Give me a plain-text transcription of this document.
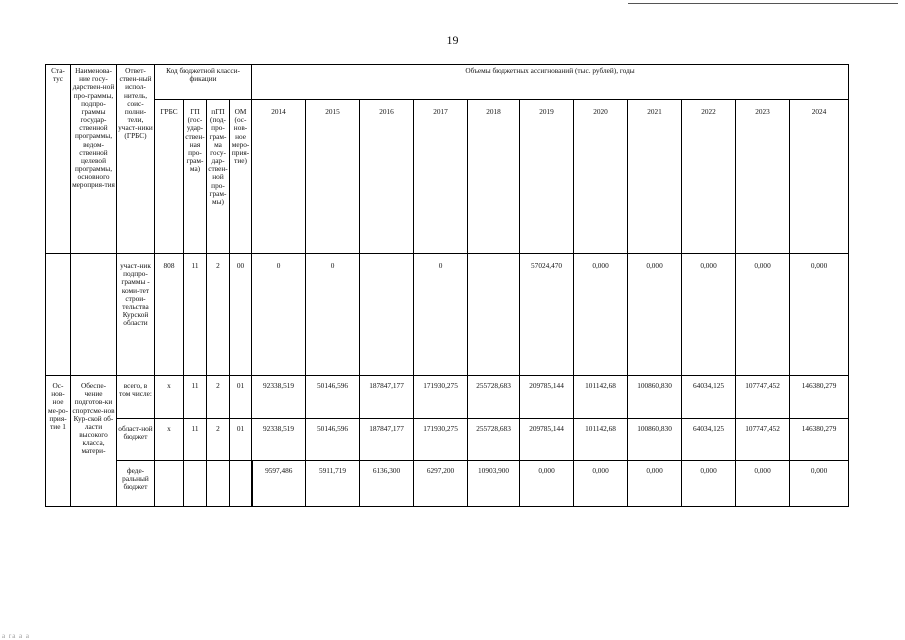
19
Ста-тус	Наименова-ние госу-дарствен-ной про-граммы, подпро-граммы государ-ственной программы, ведом-ственной целевой программы, основного мероприя-тия	Ответ-ствен-ный испол-нитель, соис-полни-тели, участ-ники (ГРБС)	Код бюджетной класси-фикации				Объемы бюджетных ассигнований (тыс. рублей), годы										
			ГРБС	ГП (гос-удар-ствен-ная про-грам-ма)	пГП (под-про-грам-ма госу-дар-ствен-ной про-грам-мы)	ОМ (ос-нов-ное меро-прия-тие)	2014	2015	2016	2017	2018	2019	2020	2021	2022	2023	2024
		участ-ник подпро-граммы - коми-тет строи-тельства Курской области	808	11	2	00	0	0		0		57024,470	0,000	0,000	0,000	0,000	0,000
Ос-нов-ное ме-ро-прия-тие 1	Обеспе-чение подготов-ки спортсме-нов Кур-ской об-ласти высокого класса, матери-	всего, в том числе:	х	11	2	01	92338,519	50146,596	187847,177	171930,275	255728,683	209785,144	101142,68	100860,830	64034,125	107747,452	146380,279
		област-ной бюджет	х	11	2	01	92338,519	50146,596	187847,177	171930,275	255728,683	209785,144	101142,68	100860,830	64034,125	107747,452	146380,279
		феде-ральный бюджет					9597,486	5911,719	6136,300	6297,200	10903,900	0,000	0,000	0,000	0,000	0,000	0,000
a ra a a
